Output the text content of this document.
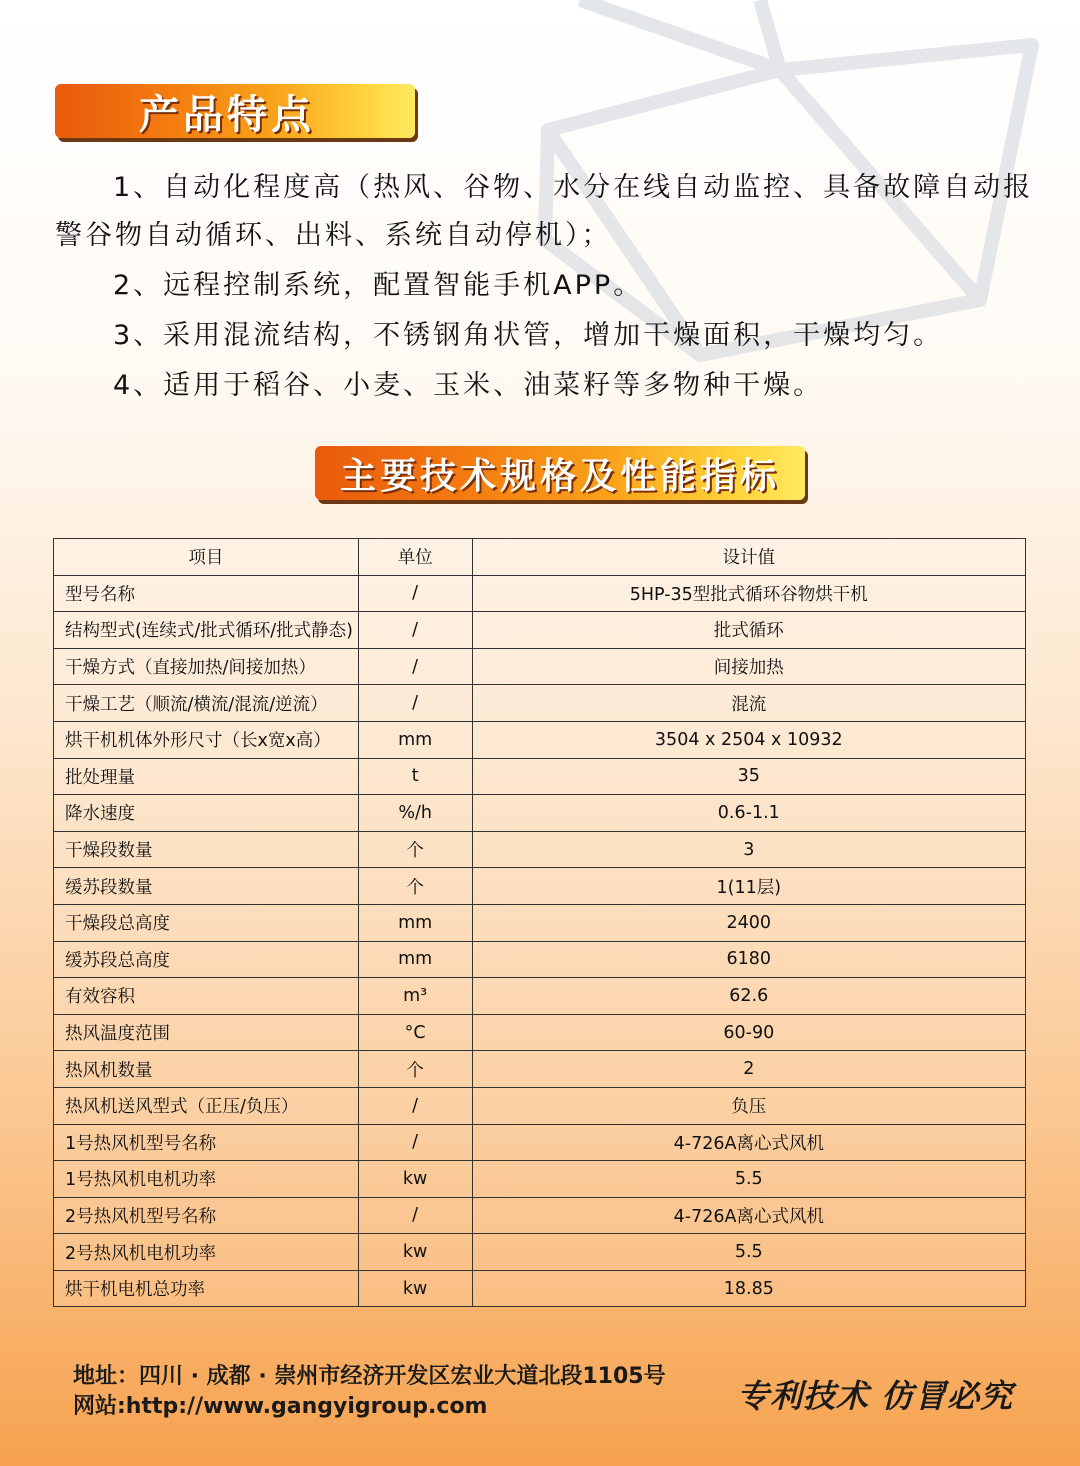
产品特点

1、自动化程度高（热风、谷物、水分在线自动监控、具备故障自动报警谷物自动循环、出料、系统自动停机）；

2、远程控制系统，配置智能手机APP。

3、采用混流结构，不锈钢角状管，增加干燥面积，干燥均匀。

4、适用于稻谷、小麦、玉米、油菜籽等多物种干燥。

主要技术规格及性能指标
项目	单位	设计值
型号名称	/	5HP-35型批式循环谷物烘干机
结构型式(连续式/批式循环/批式静态)	/	批式循环
干燥方式（直接加热/间接加热）	/	间接加热
干燥工艺（顺流/横流/混流/逆流）	/	混流
烘干机机体外形尺寸（长x宽x高）	mm	3504 x 2504 x 10932
批处理量	t	35
降水速度	%/h	0.6-1.1
干燥段数量	个	3
缓苏段数量	个	1(11层)
干燥段总高度	mm	2400
缓苏段总高度	mm	6180
有效容积	m³	62.6
热风温度范围	°C	60-90
热风机数量	个	2
热风机送风型式（正压/负压）	/	负压
1号热风机型号名称	/	4-726A离心式风机
1号热风机电机功率	kw	5.5
2号热风机型号名称	/	4-726A离心式风机
2号热风机电机功率	kw	5.5
烘干机电机总功率	kw	18.85
地址：四川 · 成都 · 崇州市经济开发区宏业大道北段1105号
网站:http://www.gangyigroup.com	专利技术 仿冒必究
